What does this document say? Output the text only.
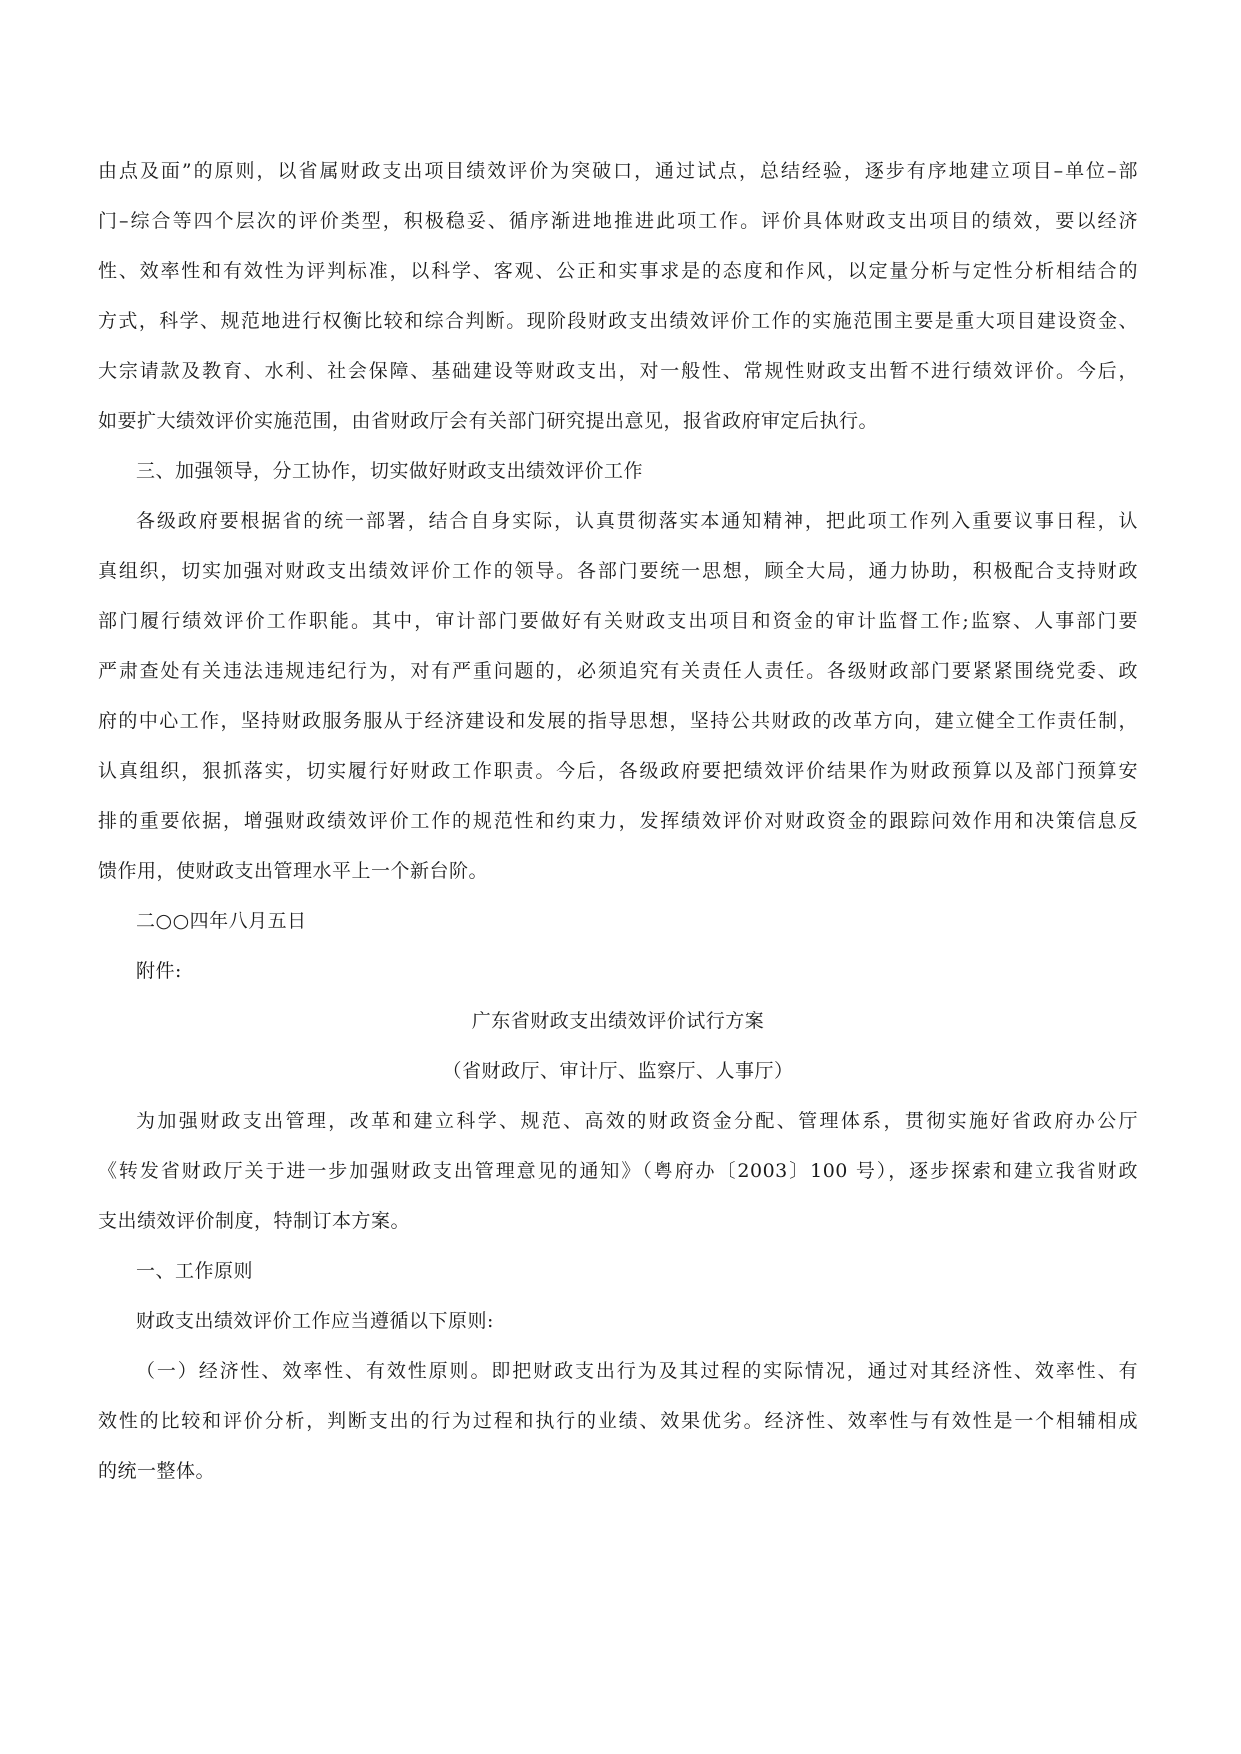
由点及面”的原则，以省属财政支出项目绩效评价为突破口，通过试点，总结经验，逐步有序地建立项目–单位–部
门–综合等四个层次的评价类型，积极稳妥、循序渐进地推进此项工作。评价具体财政支出项目的绩效，要以经济
性、效率性和有效性为评判标准，以科学、客观、公正和实事求是的态度和作风，以定量分析与定性分析相结合的
方式，科学、规范地进行权衡比较和综合判断。现阶段财政支出绩效评价工作的实施范围主要是重大项目建设资金、
大宗请款及教育、水利、社会保障、基础建设等财政支出，对一般性、常规性财政支出暂不进行绩效评价。今后，
如要扩大绩效评价实施范围，由省财政厅会有关部门研究提出意见，报省政府审定后执行。
三、加强领导，分工协作，切实做好财政支出绩效评价工作
各级政府要根据省的统一部署，结合自身实际，认真贯彻落实本通知精神，把此项工作列入重要议事日程，认
真组织，切实加强对财政支出绩效评价工作的领导。各部门要统一思想，顾全大局，通力协助，积极配合支持财政
部门履行绩效评价工作职能。其中，审计部门要做好有关财政支出项目和资金的审计监督工作;监察、人事部门要
严肃查处有关违法违规违纪行为，对有严重问题的，必须追究有关责任人责任。各级财政部门要紧紧围绕党委、政
府的中心工作，坚持财政服务服从于经济建设和发展的指导思想，坚持公共财政的改革方向，建立健全工作责任制，
认真组织，狠抓落实，切实履行好财政工作职责。今后，各级政府要把绩效评价结果作为财政预算以及部门预算安
排的重要依据，增强财政绩效评价工作的规范性和约束力，发挥绩效评价对财政资金的跟踪问效作用和决策信息反
馈作用，使财政支出管理水平上一个新台阶。
二○○四年八月五日
附件:
广东省财政支出绩效评价试行方案
（省财政厅、审计厅、监察厅、人事厅）
为加强财政支出管理，改革和建立科学、规范、高效的财政资金分配、管理体系，贯彻实施好省政府办公厅
《转发省财政厅关于进一步加强财政支出管理意见的通知》（粤府办〔2003〕100 号），逐步探索和建立我省财政
支出绩效评价制度，特制订本方案。
一、工作原则
财政支出绩效评价工作应当遵循以下原则:
（一）经济性、效率性、有效性原则。即把财政支出行为及其过程的实际情况，通过对其经济性、效率性、有
效性的比较和评价分析，判断支出的行为过程和执行的业绩、效果优劣。经济性、效率性与有效性是一个相辅相成
的统一整体。
